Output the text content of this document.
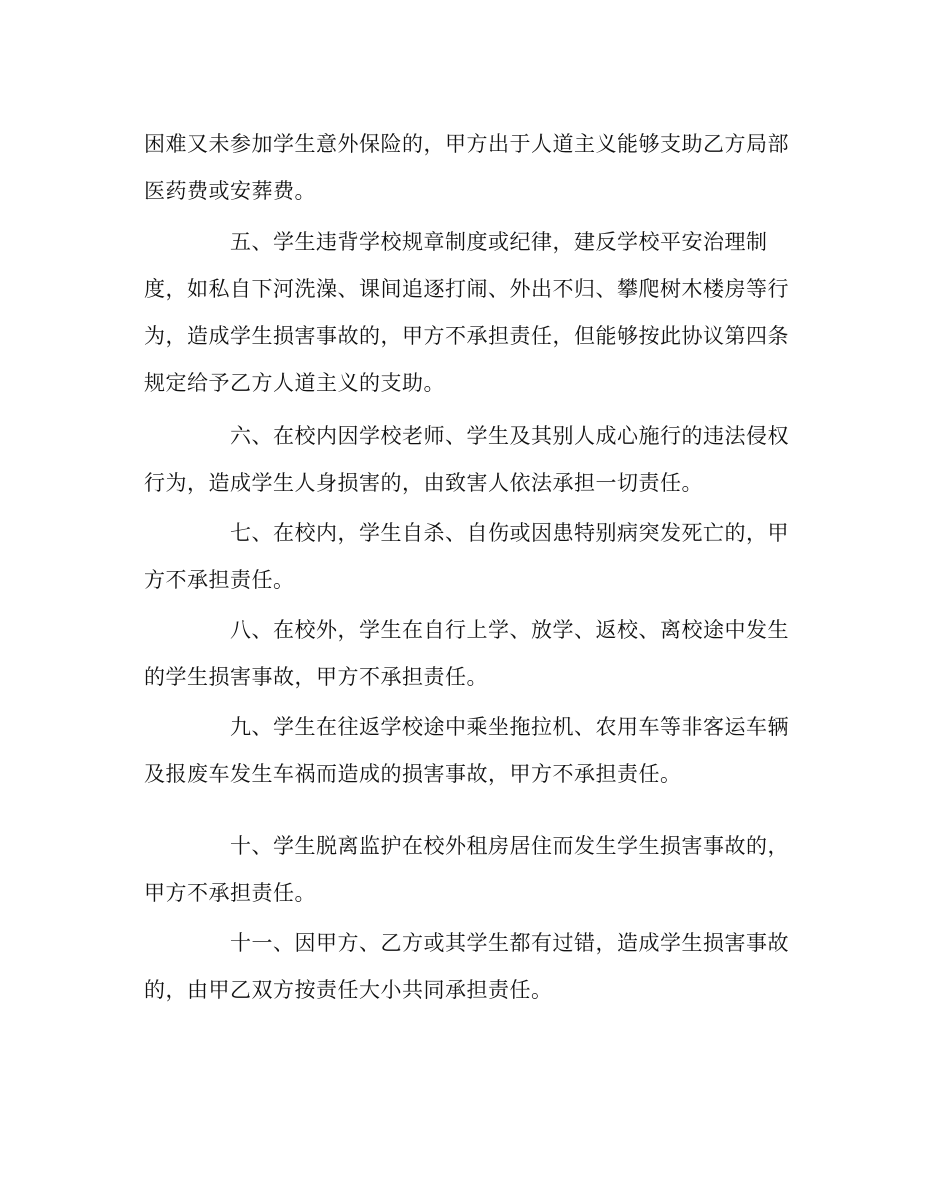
困难又未参加学生意外保险的，甲方出于人道主义能够支助乙方局部
医药费或安葬费。

五、学生违背学校规章制度或纪律，建反学校平安治理制
度，如私自下河洗澡、课间追逐打闹、外出不归、攀爬树木楼房等行
为，造成学生损害事故的，甲方不承担责任，但能够按此协议第四条
规定给予乙方人道主义的支助。

六、在校内因学校老师、学生及其别人成心施行的违法侵权
行为，造成学生人身损害的，由致害人依法承担一切责任。

七、在校内，学生自杀、自伤或因患特别病突发死亡的，甲
方不承担责任。

八、在校外，学生在自行上学、放学、返校、离校途中发生
的学生损害事故，甲方不承担责任。

九、学生在往返学校途中乘坐拖拉机、农用车等非客运车辆
及报废车发生车祸而造成的损害事故，甲方不承担责任。

十、学生脱离监护在校外租房居住而发生学生损害事故的，
甲方不承担责任。

十一、因甲方、乙方或其学生都有过错，造成学生损害事故
的，由甲乙双方按责任大小共同承担责任。
